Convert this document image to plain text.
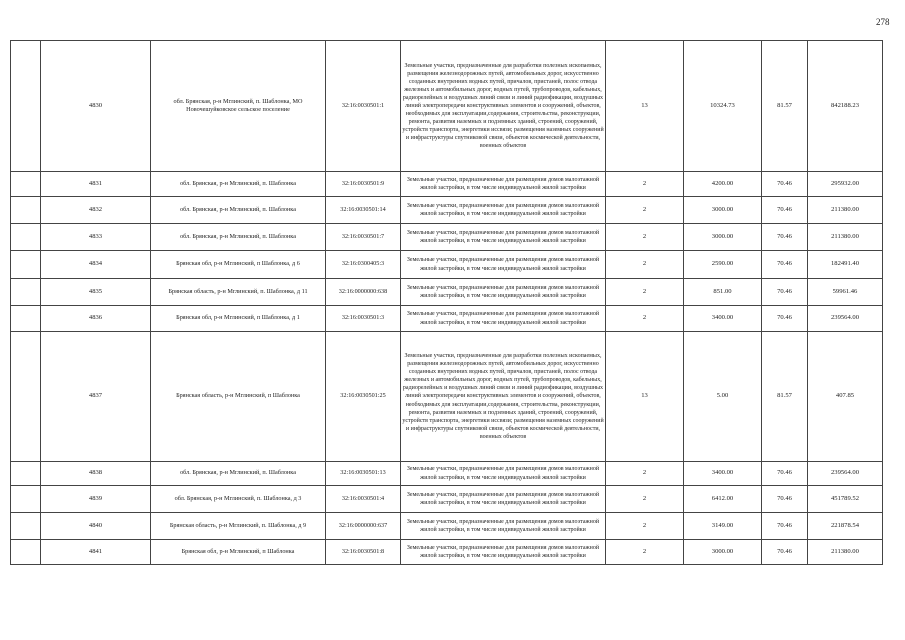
278
	4830	обл. Брянская, р-н Мглинский, п. Шаблонка, МО Новочешуйковское сельское поселение	32:16:0030501:1	Земельные участки, предназначенные для разработки полезных ископаемых, размещения железнодорожных путей, автомобильных дорог, искусственно созданных внутренних водных путей, причалов, пристаней, полос отвода железных и автомобильных дорог, водных путей, трубопроводов, кабельных, радиорелейных и воздушных линий связи и линий радиофикации, воздушных линий электропередачи конструктивных элементов и сооружений, объектов, необходимых для эксплуатации,содержания, строительства, реконструкции, ремонта, развития наземных и подземных зданий, строений, сооружений, устройств транспорта, энергетики иссвязи; размещения наземных сооружений и инфраструктуры спутниковой связи, объектов космической деятельности, военных объектов	13	10324.73	81.57	842188.23
	4831	обл. Брянская, р-н Мглинский, п. Шаблонка	32:16:0030501:9	Земельные участки, предназначенные для размещения домов малоэтажной жилой застройки, в том числе индивидуальной жилой застройки	2	4200.00	70.46	295932.00
	4832	обл. Брянская, р-н Мглинский, п. Шаблонка	32:16:0030501:14	Земельные участки, предназначенные для размещения домов малоэтажной жилой застройки, в том числе индивидуальной жилой застройки	2	3000.00	70.46	211380.00
	4833	обл. Брянская, р-н Мглинский, п. Шаблонка	32:16:0030501:7	Земельные участки, предназначенные для размещения домов малоэтажной жилой застройки, в том числе индивидуальной жилой застройки	2	3000.00	70.46	211380.00
	4834	Брянская обл, р-н Мглинский, п Шаблонка, д 6	32:16:0300405:3	Земельные участки, предназначенные для размещения домов малоэтажной жилой застройки, в том числе индивидуальной жилой застройки	2	2590.00	70.46	182491.40
	4835	Брянская область, р-н Мглинский, п. Шаблонка, д 11	32:16:0000000:638	Земельные участки, предназначенные для размещения домов малоэтажной жилой застройки, в том числе индивидуальной жилой застройки	2	851.00	70.46	59961.46
	4836	Брянская обл, р-н Мглинский, п Шаблонка, д 1	32:16:0030501:3	Земельные участки, предназначенные для размещения домов малоэтажной жилой застройки, в том числе индивидуальной жилой застройки	2	3400.00	70.46	239564.00
	4837	Брянская область, р-н Мглинский, п Шаблонка	32:16:0030501:25	Земельные участки, предназначенные для разработки полезных ископаемых, размещения железнодорожных путей, автомобильных дорог, искусственно созданных внутренних водных путей, причалов, пристаней, полос отвода железных и автомобильных дорог, водных путей, трубопроводов, кабельных, радиорелейных и воздушных линий связи и линий радиофикации, воздушных линий электропередачи конструктивных элементов и сооружений, объектов, необходимых для эксплуатации,содержания, строительства, реконструкции, ремонта, развития наземных и подземных зданий, строений, сооружений, устройств транспорта, энергетики иссвязи; размещения наземных сооружений и инфраструктуры спутниковой связи, объектов космической деятельности, военных объектов	13	5.00	81.57	407.85
	4838	обл. Брянская, р-н Мглинский, п. Шаблонка	32:16:0030501:13	Земельные участки, предназначенные для размещения домов малоэтажной жилой застройки, в том числе индивидуальной жилой застройки	2	3400.00	70.46	239564.00
	4839	обл. Брянская, р-н Мглинский, п. Шаблонка, д 3	32:16:0030501:4	Земельные участки, предназначенные для размещения домов малоэтажной жилой застройки, в том числе индивидуальной жилой застройки	2	6412.00	70.46	451789.52
	4840	Брянская область, р-н Мглинский, п. Шаблонка, д 9	32:16:0000000:637	Земельные участки, предназначенные для размещения домов малоэтажной жилой застройки, в том числе индивидуальной жилой застройки	2	3149.00	70.46	221878.54
	4841	Брянская обл, р-н Мглинский, п Шаблонка	32:16:0030501:8	Земельные участки, предназначенные для размещения домов малоэтажной жилой застройки, в том числе индивидуальной жилой застройки	2	3000.00	70.46	211380.00
